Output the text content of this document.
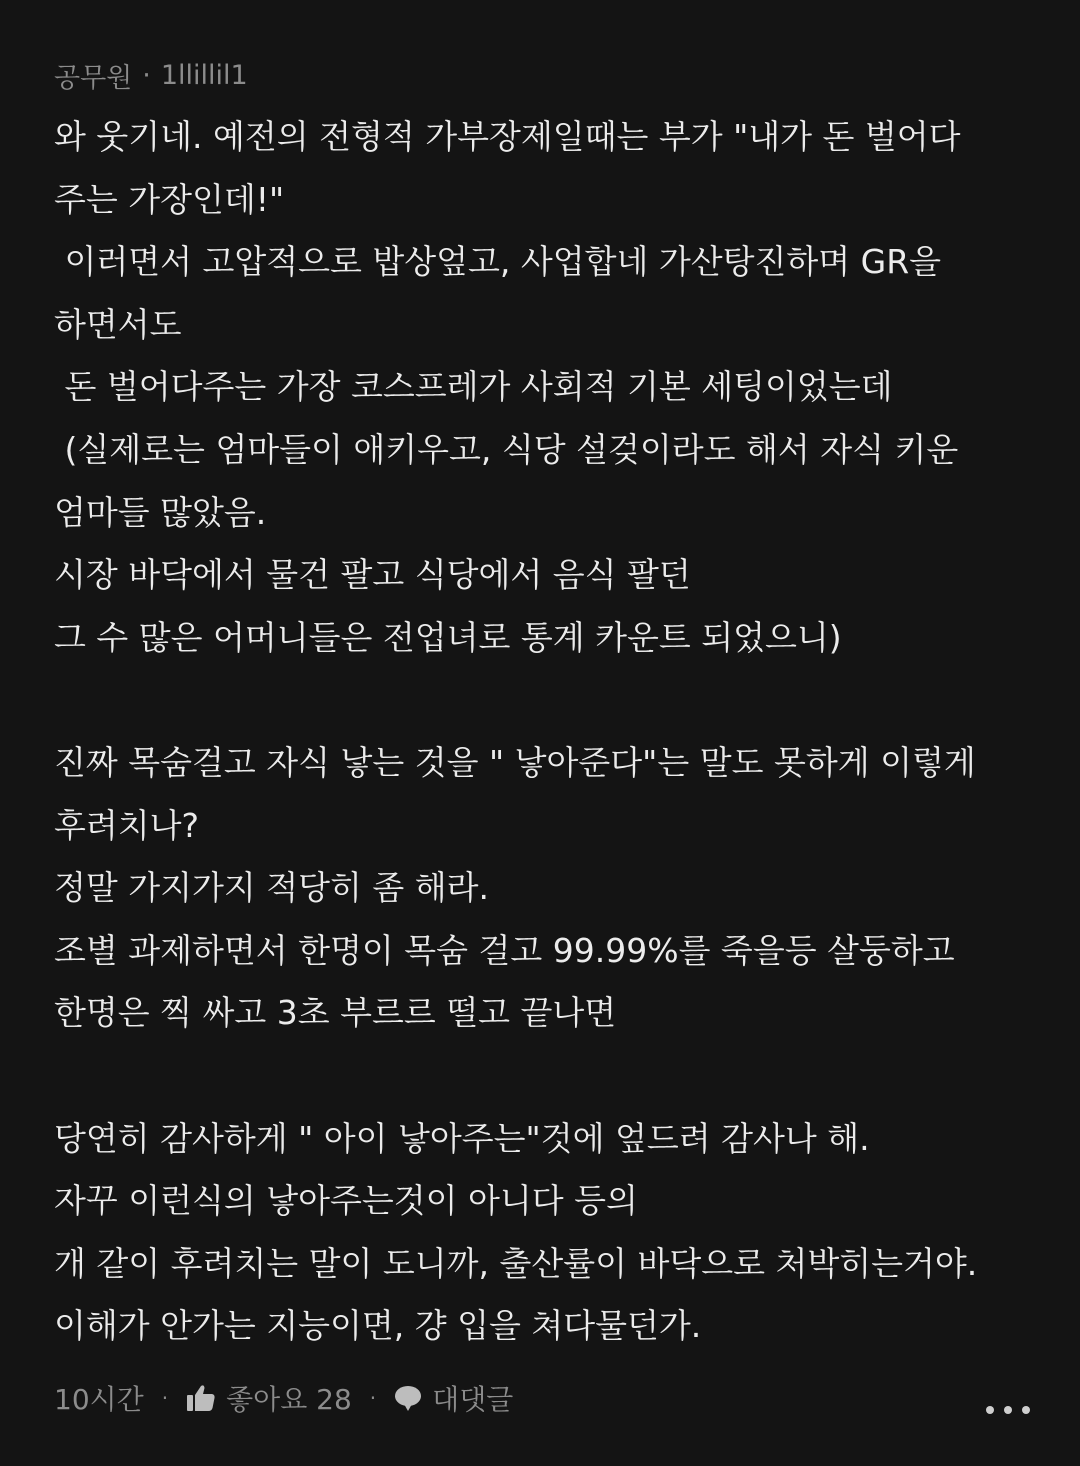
공무원 · 1llillil1
와 웃기네. 예전의 전형적 가부장제일때는 부가 "내가 돈 벌어다
주는 가장인데!"
이러면서 고압적으로 밥상엎고, 사업합네 가산탕진하며 GR을
하면서도
돈 벌어다주는 가장 코스프레가 사회적 기본 세팅이었는데
(실제로는 엄마들이 애키우고, 식당 설겆이라도 해서 자식 키운
엄마들 많았음.
시장 바닥에서 물건 팔고 식당에서 음식 팔던
그 수 많은 어머니들은 전업녀로 통계 카운트 되었으니)
진짜 목숨걸고 자식 낳는 것을 " 낳아준다"는 말도 못하게 이렇게
후려치나?
정말 가지가지 적당히 좀 해라.
조별 과제하면서 한명이 목숨 걸고 99.99%를 죽을등 살둥하고
한명은 찍 싸고 3초 부르르 떨고 끝나면
당연히 감사하게 " 아이 낳아주는"것에 엎드려 감사나 해.
자꾸 이런식의 낳아주는것이 아니다 등의
개 같이 후려치는 말이 도니까, 출산률이 바닥으로 처박히는거야.
이해가 안가는 지능이면, 걍 입을 쳐다물던가.
10시간 · 좋아요 28 · 대댓글
